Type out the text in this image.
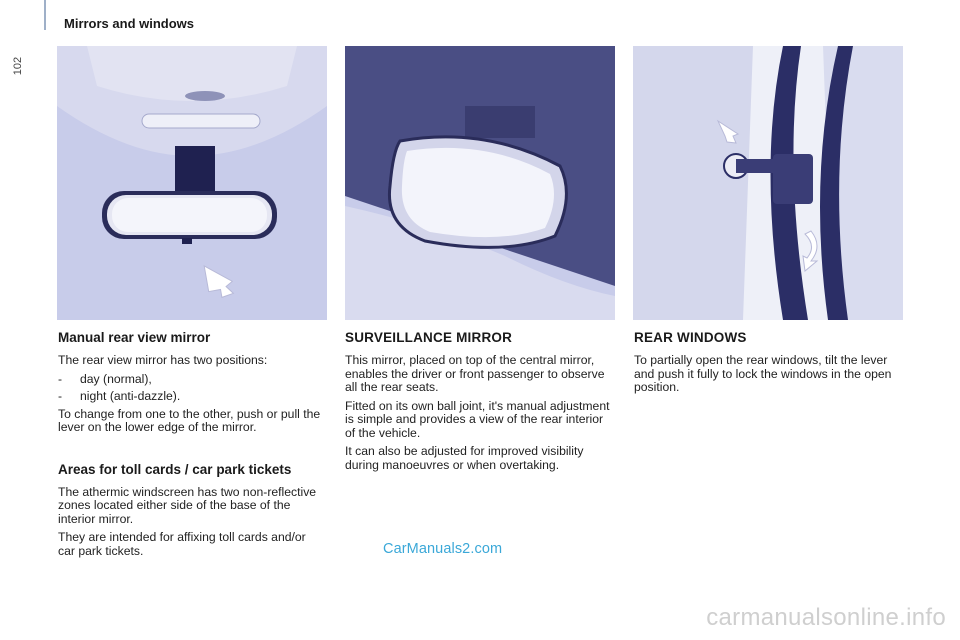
Mirrors and windows
102
Manual rear view mirror
The rear view mirror has two positions:
-	day (normal),
-	night (anti-dazzle).
To change from one to the other, push or pull the lever on the lower edge of the mirror.
Areas for toll cards / car park tickets
The athermic windscreen has two non-reflective zones located either side of the base of the interior mirror.
They are intended for affixing toll cards and/or car park tickets.
SURVEILLANCE MIRROR
This mirror, placed on top of the central mirror, enables the driver or front passenger to observe all the rear seats.
Fitted on its own ball joint, it's manual adjustment is simple and provides a view of the rear interior of the vehicle.
It can also be adjusted for improved visibility during manoeuvres or when overtaking.
REAR WINDOWS
To partially open the rear windows, tilt the lever and push it fully to lock the windows in the open position.
CarManuals2.com
carmanualsonline.info
